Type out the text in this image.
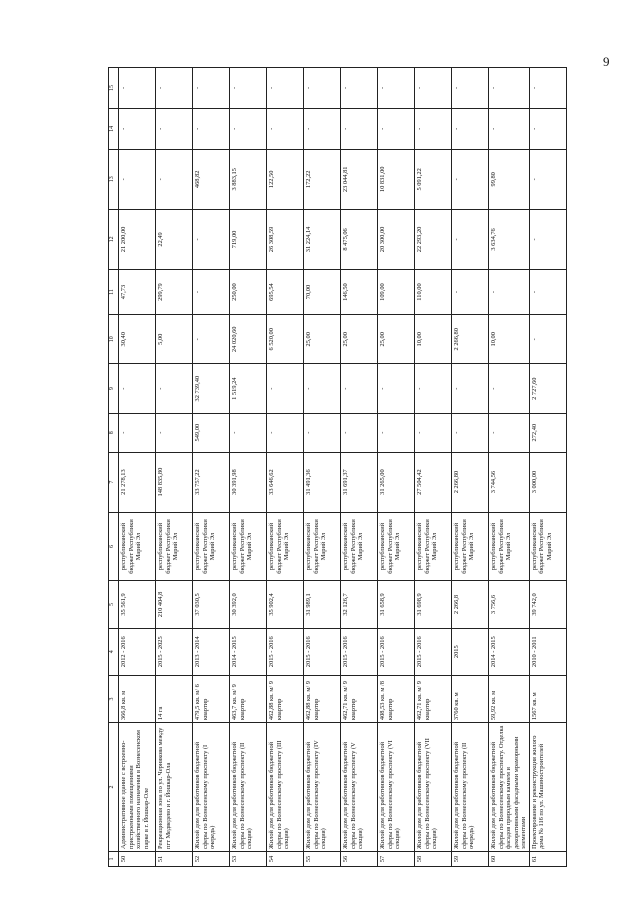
9
1	2	3	4	5	6	7	8	9	10	11	12	13	14	15
50	Административное здание с встроенно-пристроенными помещениями хозяйственного назначения в Вознесенском парке в г. Йошкар-Оле	366,8 кв. м	2012 - 2016	35 561,9	республиканский бюджет Республики Марий Эл	21 278,13	-	-	30,40	47,73	21 200,00	-	-	-
51	Рекреационная зона по ул. Чернякова между пгт Медведево и г. Йошкар-Ола	14 га	2015 - 2025	210 404,8	республиканский бюджет Республики Марий Эл	148 835,80	-	-	5,00	299,79	22,49	-	-	-
52	Жилой дом для работников бюджетной сферы по Вознесенскому проспекту (I очередь)	479,5 кв. м/ 6 квартир	2013 - 2014	37 030,5	республиканский бюджет Республики Марий Эл	33 757,22	549,00	32 739,40	-	-	-	468,82	-	-
53	Жилой дом для работников бюджетной сферы по Вознесенскому проспекту (II секция)	463,7 кв. м/ 9 квартир	2014 - 2015	30 392,0	республиканский бюджет Республики Марий Эл	30 391,98	-	1 519,24	24 020,60	250,00	719,00	3 883,15	-	-
54	Жилой дом для работников бюджетной сферы по Вознесенскому проспекту (III секция)	462,88 кв. м/ 9 квартир	2015 - 2016	35 902,4	республиканский бюджет Республики Марий Эл	33 646,62	-	-	6 520,00	695,54	26 308,59	122,50	-	-
55	Жилой дом для работников бюджетной сферы по Вознесенскому проспекту (IV секция)	462,88 кв. м/ 9 квартир	2015 - 2016	31 989,1	республиканский бюджет Республики Марий Эл	31 491,36	-	-	25,00	70,00	31 224,14	172,22	-	-
56	Жилой дом для работников бюджетной сферы по Вознесенскому проспекту (V секция)	462,71 кв. м/ 9 квартир	2015 - 2016	32 126,7	республиканский бюджет Республики Марий Эл	31 691,37	-	-	25,00	146,50	8 475,06	23 044,81	-	-
57	Жилой дом для работников бюджетной сферы по Вознесенскому проспекту (VI секция)	408,53 кв. м /8 квартир	2015 - 2016	31 658,9	республиканский бюджет Республики Марий Эл	31 265,00	-	-	25,00	109,00	20 300,00	10 831,00	-	-
58	Жилой дом для работников бюджетной сферы по Вознесенскому проспекту (VII секция)	462,71 кв. м/ 9 квартир	2015 - 2016	31 698,9	республиканский бюджет Республики Марий Эл	27 504,42	-	-	10,00	110,00	22 293,20	5 091,22	-	-
59	Жилой дом для работников бюджетной сферы по Вознесенскому проспекту (II очередь)	3760 кв. м	2015	2 266,8	республиканский бюджет Республики Марий Эл	2 266,80	-	-	2 266,80	-	-	-	-	-
60	Жилой дом для работников бюджетной сферы по Вознесенскому проспекту. Отделка фасадов природным камнем и декоративными фасадными мраморными элементами	59,92 кв. м	2014 - 2015	3 756,6	республиканский бюджет Республики Марий Эл	3 744,56	-	-	10,00	-	3 634,76	99,80	-	-
61	Проектирование и реконструкция жилого дома № 116 по ул. Машиностроителей	1567 кв. м	2010 - 2011	39 742,0	республиканский бюджет Республики Марий Эл	3 000,00	272,40	2 727,60	-	-	-	-	-	-
